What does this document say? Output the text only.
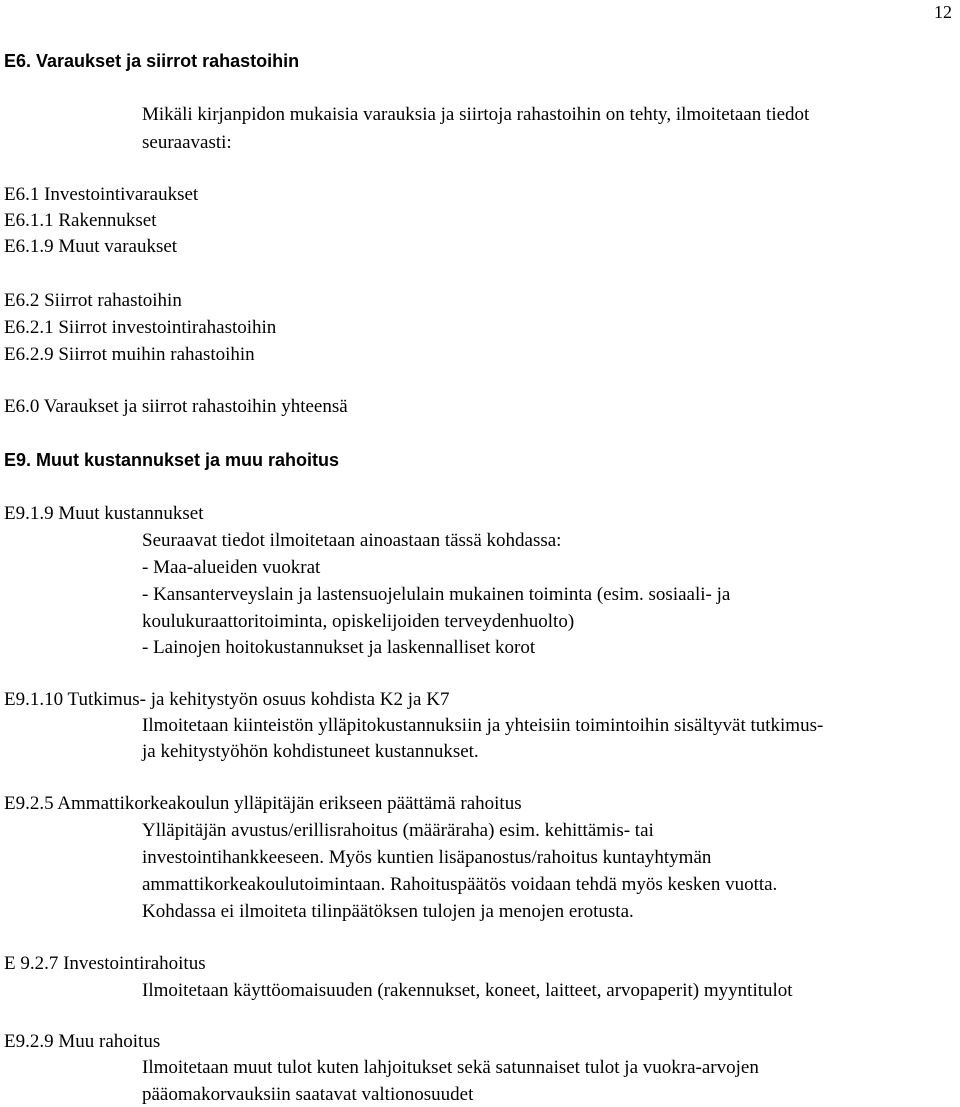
12
E6. Varaukset ja siirrot rahastoihin
Mikäli kirjanpidon mukaisia varauksia ja siirtoja rahastoihin on tehty, ilmoitetaan tiedot
seuraavasti:
E6.1 Investointivaraukset
E6.1.1 Rakennukset
E6.1.9 Muut varaukset
E6.2 Siirrot rahastoihin
E6.2.1 Siirrot investointirahastoihin
E6.2.9 Siirrot muihin rahastoihin
E6.0 Varaukset ja siirrot rahastoihin yhteensä
E9. Muut kustannukset ja muu rahoitus
E9.1.9 Muut kustannukset
Seuraavat tiedot ilmoitetaan ainoastaan tässä kohdassa:
- Maa-alueiden vuokrat
- Kansanterveyslain ja lastensuojelulain mukainen toiminta (esim. sosiaali- ja
koulukuraattoritoiminta, opiskelijoiden terveydenhuolto)
- Lainojen hoitokustannukset ja laskennalliset korot
E9.1.10 Tutkimus- ja kehitystyön osuus kohdista K2 ja K7
Ilmoitetaan kiinteistön ylläpitokustannuksiin ja yhteisiin toimintoihin sisältyvät tutkimus-
ja kehitystyöhön kohdistuneet kustannukset.
E9.2.5 Ammattikorkeakoulun ylläpitäjän erikseen päättämä rahoitus
Ylläpitäjän avustus/erillisrahoitus (määräraha) esim. kehittämis- tai
investointihankkeeseen. Myös kuntien lisäpanostus/rahoitus kuntayhtymän
ammattikorkeakoulutoimintaan. Rahoituspäätös voidaan tehdä myös kesken vuotta.
Kohdassa ei ilmoiteta tilinpäätöksen tulojen ja menojen erotusta.
E 9.2.7 Investointirahoitus
Ilmoitetaan käyttöomaisuuden (rakennukset, koneet, laitteet, arvopaperit) myyntitulot
E9.2.9 Muu rahoitus
Ilmoitetaan muut tulot kuten lahjoitukset sekä satunnaiset tulot ja vuokra-arvojen
pääomakorvauksiin saatavat valtionosuudet
